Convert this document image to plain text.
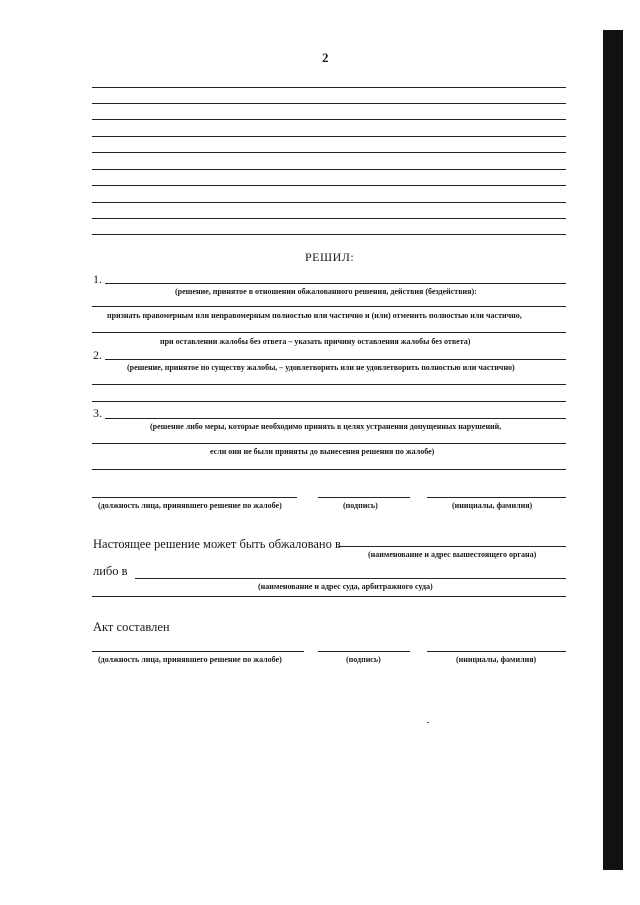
2
РЕШИЛ:
1.
(решение, принятое в отношении обжалованного решения, действия (бездействия):
признать правомерным или неправомерным полностью или частично и (или) отменить полностью или частично,
при оставлении жалобы без ответа – указать причину оставления жалобы без ответа)
2.
(решение, принятое по существу жалобы, – удовлетворить или не удовлетворить полностью или частично)
3.
(решение либо меры, которые необходимо принять в целях устранения допущенных нарушений,
если они не были приняты до вынесения решения по жалобе)
(должность лица, принявшего решение по жалобе)	(подпись)	(инициалы, фамилия)
Настоящее решение может быть обжаловано в
(наименование и адрес вышестоящего органа)
либо в
(наименование и адрес суда, арбитражного суда)
Акт составлен
(должность лица, принявшего решение по жалобе)	(подпись)	(инициалы, фамилия)
